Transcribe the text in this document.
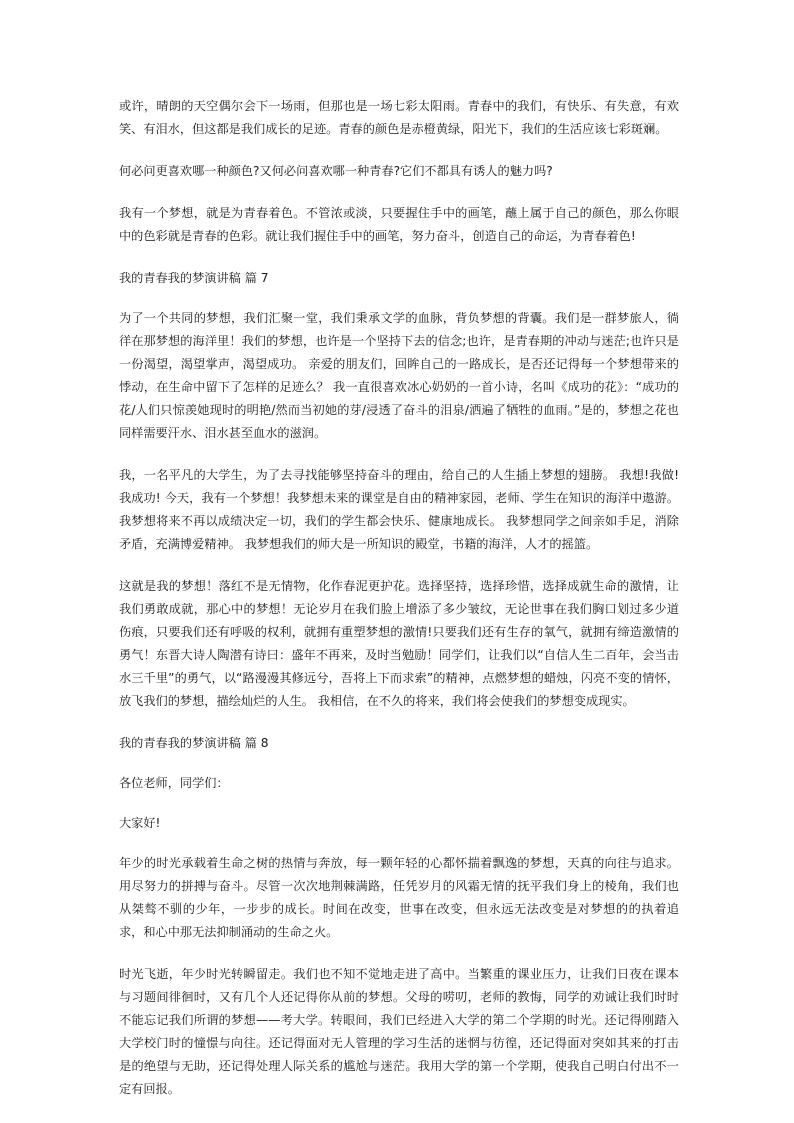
或许，晴朗的天空偶尔会下一场雨，但那也是一场七彩太阳雨。青春中的我们，有快乐、有失意，有欢笑、有泪水，但这都是我们成长的足迹。青春的颜色是赤橙黄绿，阳光下，我们的生活应该七彩斑斓。

何必问更喜欢哪一种颜色?又何必问喜欢哪一种青春?它们不都具有诱人的魅力吗?

我有一个梦想，就是为青春着色。不管浓或淡，只要握住手中的画笔，蘸上属于自己的颜色，那么你眼中的色彩就是青春的色彩。就让我们握住手中的画笔，努力奋斗，创造自己的命运，为青春着色!

我的青春我的梦演讲稿 篇 7

为了一个共同的梦想，我们汇聚一堂，我们秉承文学的血脉，背负梦想的背囊。我们是一群梦旅人，徜徉在那梦想的海洋里！我们的梦想，也许是一个坚持下去的信念;也许，是青春期的冲动与迷茫;也许只是一份渴望，渴望掌声，渴望成功。 亲爱的朋友们，回眸自己的一路成长，是否还记得每一个梦想带来的悸动，在生命中留下了怎样的足迹么？ 我一直很喜欢冰心奶奶的一首小诗，名叫《成功的花》：“成功的花/人们只惊羡她现时的明艳/然而当初她的芽/浸透了奋斗的泪泉/洒遍了牺牲的血雨。”是的，梦想之花也同样需要汗水、泪水甚至血水的滋润。

我，一名平凡的大学生，为了去寻找能够坚持奋斗的理由，给自己的人生插上梦想的翅膀。 我想!我做!我成功! 今天，我有一个梦想！我梦想未来的课堂是自由的精神家园，老师、学生在知识的海洋中遨游。 我梦想将来不再以成绩决定一切，我们的学生都会快乐、健康地成长。 我梦想同学之间亲如手足，消除矛盾，充满博爱精神。 我梦想我们的师大是一所知识的殿堂，书籍的海洋，人才的摇篮。

这就是我的梦想！落红不是无情物，化作春泥更护花。选择坚持，选择珍惜，选择成就生命的激情，让我们勇敢成就，那心中的梦想！无论岁月在我们脸上增添了多少皱纹，无论世事在我们胸口划过多少道伤痕，只要我们还有呼吸的权利，就拥有重塑梦想的激情!只要我们还有生存的氧气，就拥有缔造激情的勇气！东晋大诗人陶潜有诗曰：盛年不再来，及时当勉励！同学们，让我们以“自信人生二百年，会当击水三千里”的勇气，以“路漫漫其修远兮，吾将上下而求索”的精神，点燃梦想的蜡烛，闪亮不变的情怀，放飞我们的梦想，描绘灿烂的人生。 我相信，在不久的将来，我们将会使我们的梦想变成现实。

我的青春我的梦演讲稿 篇 8

各位老师，同学们：

大家好!

年少的时光承载着生命之树的热情与奔放，每一颗年轻的心都怀揣着飘逸的梦想，天真的向往与追求。用尽努力的拼搏与奋斗。尽管一次次地荆棘满路，任凭岁月的风霜无情的抚平我们身上的棱角，我们也从桀骜不驯的少年，一步步的成长。时间在改变，世事在改变，但永远无法改变是对梦想的的执着追求，和心中那无法抑制涌动的生命之火。

时光飞逝，年少时光转瞬留走。我们也不知不觉地走进了高中。当繁重的课业压力，让我们日夜在课本与习题间徘徊时，又有几个人还记得你从前的梦想。父母的唠叨，老师的教悔，同学的劝诫让我们时时不能忘记我们所谓的梦想——考大学。转眼间，我们已经进入大学的第二个学期的时光。还记得刚踏入大学校门时的憧憬与向往。还记得面对无人管理的学习生活的迷惘与彷徨，还记得面对突如其来的打击是的绝望与无助，还记得处理人际关系的尴尬与迷茫。我用大学的第一个学期，使我自己明白付出不一定有回报。
